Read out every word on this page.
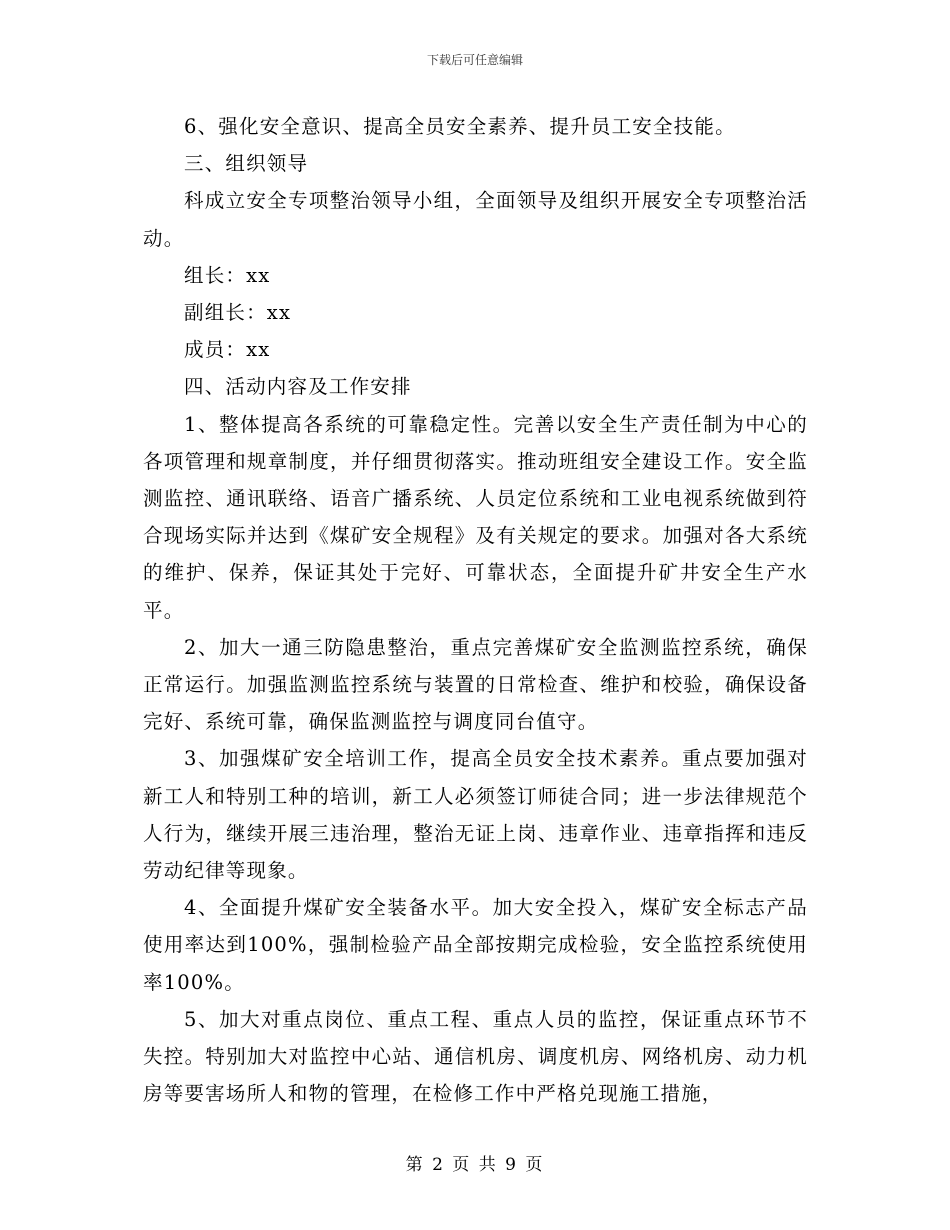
下载后可任意编辑

6、强化安全意识、提高全员安全素养、提升员工安全技能。

三、组织领导

科成立安全专项整治领导小组，全面领导及组织开展安全专项整治活动。

组长：xx

副组长：xx

成员：xx

四、活动内容及工作安排

1、整体提高各系统的可靠稳定性。完善以安全生产责任制为中心的各项管理和规章制度，并仔细贯彻落实。推动班组安全建设工作。安全监测监控、通讯联络、语音广播系统、人员定位系统和工业电视系统做到符合现场实际并达到《煤矿安全规程》及有关规定的要求。加强对各大系统的维护、保养，保证其处于完好、可靠状态，全面提升矿井安全生产水平。

2、加大一通三防隐患整治，重点完善煤矿安全监测监控系统，确保正常运行。加强监测监控系统与装置的日常检查、维护和校验，确保设备完好、系统可靠，确保监测监控与调度同台值守。

3、加强煤矿安全培训工作，提高全员安全技术素养。重点要加强对新工人和特别工种的培训，新工人必须签订师徒合同；进一步法律规范个人行为，继续开展三违治理，整治无证上岗、违章作业、违章指挥和违反劳动纪律等现象。

4、全面提升煤矿安全装备水平。加大安全投入，煤矿安全标志产品使用率达到100%，强制检验产品全部按期完成检验，安全监控系统使用率100%。

5、加大对重点岗位、重点工程、重点人员的监控，保证重点环节不失控。特别加大对监控中心站、通信机房、调度机房、网络机房、动力机房等要害场所人和物的管理，在检修工作中严格兑现施工措施，

第 2 页 共 9 页
